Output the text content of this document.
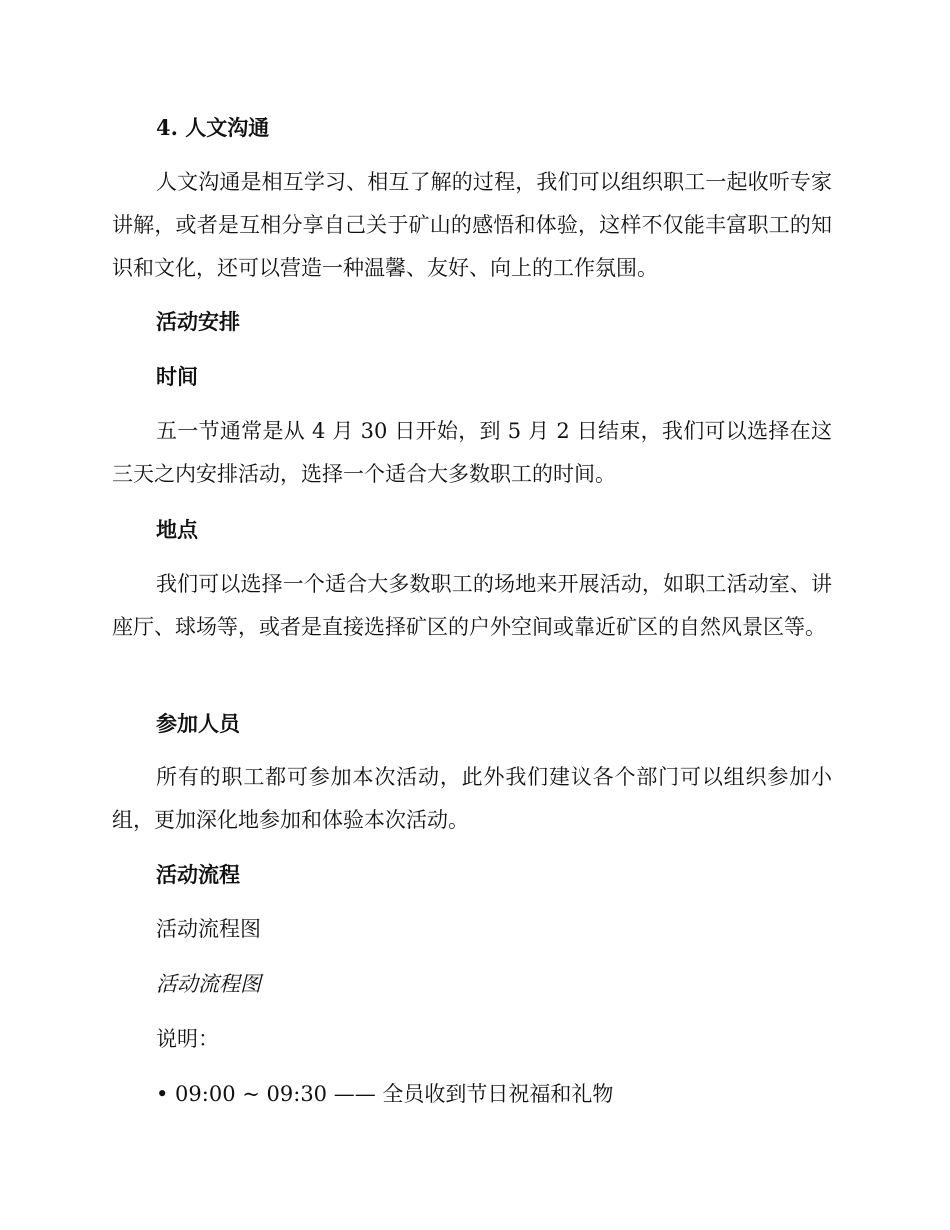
4. 人文沟通

人文沟通是相互学习、相互了解的过程，我们可以组织职工一起收听专家讲解，或者是互相分享自己关于矿山的感悟和体验，这样不仅能丰富职工的知识和文化，还可以营造一种温馨、友好、向上的工作氛围。

活动安排
时间

五一节通常是从 4 月 30 日开始，到 5 月 2 日结束，我们可以选择在这三天之内安排活动，选择一个适合大多数职工的时间。

地点

我们可以选择一个适合大多数职工的场地来开展活动，如职工活动室、讲座厅、球场等，或者是直接选择矿区的户外空间或靠近矿区的自然风景区等。

参加人员

所有的职工都可参加本次活动，此外我们建议各个部门可以组织参加小组，更加深化地参加和体验本次活动。

活动流程

活动流程图

活动流程图

说明：

• 09:00 ~ 09:30 —— 全员收到节日祝福和礼物
